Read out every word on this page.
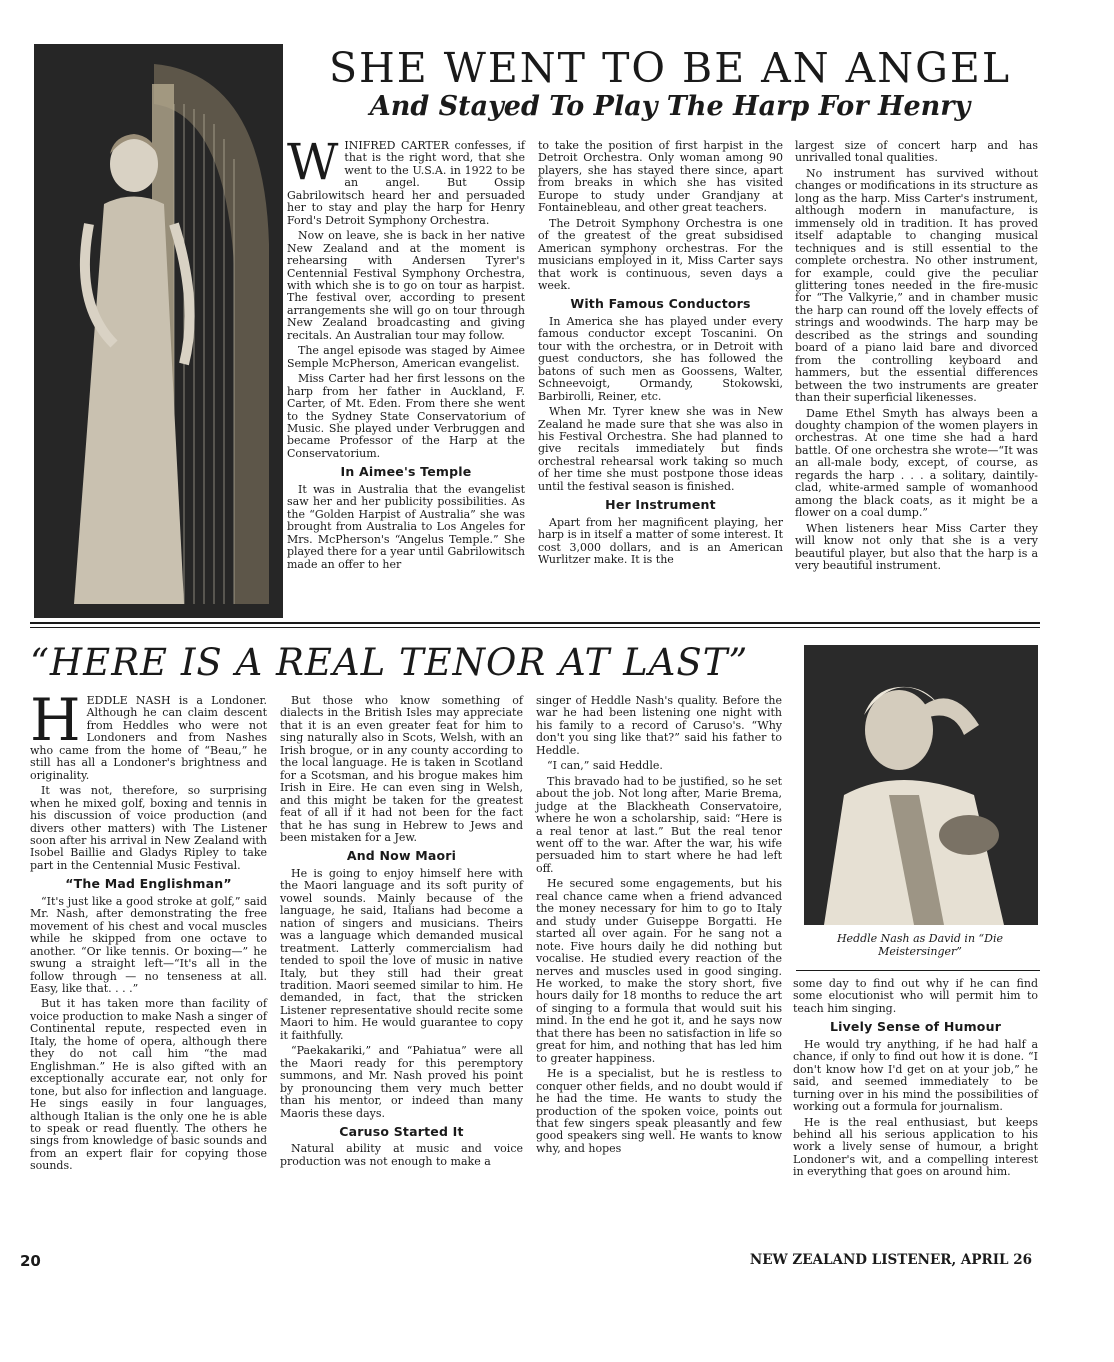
SHE WENT TO BE AN ANGEL
And Stayed To Play The Harp For Henry
W INIFRED CARTER confesses, if that is the right word, that she went to the U.S.A. in 1922 to be an angel. But Ossip Gabrilowitsch heard her and persuaded her to stay and play the harp for Henry Ford's Detroit Symphony Orchestra.

Now on leave, she is back in her native New Zealand and at the moment is rehearsing with Andersen Tyrer's Centennial Festival Symphony Orchestra, with which she is to go on tour as harpist. The festival over, according to present arrangements she will go on tour through New Zealand broadcasting and giving recitals. An Australian tour may follow.

The angel episode was staged by Aimee Semple McPherson, American evangelist.

Miss Carter had her first lessons on the harp from her father in Auckland, F. Carter, of Mt. Eden. From there she went to the Sydney State Conservatorium of Music. She played under Verbruggen and became Professor of the Harp at the Conservatorium.

In Aimee's Temple

It was in Australia that the evangelist saw her and her publicity possibilities. As the “Golden Harpist of Australia” she was brought from Australia to Los Angeles for Mrs. McPherson's “Angelus Temple.” She played there for a year until Gabrilowitsch made an offer to her

to take the position of first harpist in the Detroit Orchestra. Only woman among 90 players, she has stayed there since, apart from breaks in which she has visited Europe to study under Grandjany at Fontainebleau, and other great teachers.

The Detroit Symphony Orchestra is one of the greatest of the great subsidised American symphony orchestras. For the musicians employed in it, Miss Carter says that work is continuous, seven days a week.

With Famous Conductors

In America she has played under every famous conductor except Toscanini. On tour with the orchestra, or in Detroit with guest conductors, she has followed the batons of such men as Goossens, Walter, Schneevoigt, Ormandy, Stokowski, Barbirolli, Reiner, etc.

When Mr. Tyrer knew she was in New Zealand he made sure that she was also in his Festival Orchestra. She had planned to give recitals immediately but finds orchestral rehearsal work taking so much of her time she must postpone those ideas until the festival season is finished.

Her Instrument

Apart from her magnificent playing, her harp is in itself a matter of some interest. It cost 3,000 dollars, and is an American Wurlitzer make. It is the

largest size of concert harp and has unrivalled tonal qualities.

No instrument has survived without changes or modifications in its structure as long as the harp. Miss Carter's instrument, although modern in manufacture, is immensely old in tradition. It has proved itself adaptable to changing musical techniques and is still essential to the complete orchestra. No other instrument, for example, could give the peculiar glittering tones needed in the fire-music for “The Valkyrie,” and in chamber music the harp can round off the lovely effects of strings and woodwinds. The harp may be described as the strings and sounding board of a piano laid bare and divorced from the controlling keyboard and hammers, but the essential differences between the two instruments are greater than their superficial likenesses.

Dame Ethel Smyth has always been a doughty champion of the women players in orchestras. At one time she had a hard battle. Of one orchestra she wrote—“It was an all-male body, except, of course, as regards the harp . . . a solitary, daintily-clad, white-armed sample of womanhood among the black coats, as it might be a flower on a coal dump.”

When listeners hear Miss Carter they will know not only that she is a very beautiful player, but also that the harp is a very beautiful instrument.

“HERE IS A REAL TENOR AT LAST”
Heddle Nash as David in “Die Meistersinger”
H EDDLE NASH is a Londoner. Although he can claim descent from Heddles who were not Londoners and from Nashes who came from the home of “Beau,” he still has all a Londoner's brightness and originality.

It was not, therefore, so surprising when he mixed golf, boxing and tennis in his discussion of voice production (and divers other matters) with The Listener soon after his arrival in New Zealand with Isobel Baillie and Gladys Ripley to take part in the Centennial Music Festival.

“The Mad Englishman”

“It's just like a good stroke at golf,” said Mr. Nash, after demonstrating the free movement of his chest and vocal muscles while he skipped from one octave to another. “Or like tennis. Or boxing—” he swung a straight left—“It's all in the follow through — no tenseness at all. Easy, like that. . . .”

But it has taken more than facility of voice production to make Nash a singer of Continental repute, respected even in Italy, the home of opera, although there they do not call him “the mad Englishman.” He is also gifted with an exceptionally accurate ear, not only for tone, but also for inflection and language. He sings easily in four languages, although Italian is the only one he is able to speak or read fluently. The others he sings from knowledge of basic sounds and from an expert flair for copying those sounds.

But those who know something of dialects in the British Isles may appreciate that it is an even greater feat for him to sing naturally also in Scots, Welsh, with an Irish brogue, or in any county according to the local language. He is taken in Scotland for a Scotsman, and his brogue makes him Irish in Eire. He can even sing in Welsh, and this might be taken for the greatest feat of all if it had not been for the fact that he has sung in Hebrew to Jews and been mistaken for a Jew.

And Now Maori

He is going to enjoy himself here with the Maori language and its soft purity of vowel sounds. Mainly because of the language, he said, Italians had become a nation of singers and musicians. Theirs was a language which demanded musical treatment. Latterly commercialism had tended to spoil the love of music in native Italy, but they still had their great tradition. Maori seemed similar to him. He demanded, in fact, that the stricken Listener representative should recite some Maori to him. He would guarantee to copy it faithfully.

“Paekakariki,” and “Pahiatua” were all the Maori ready for this peremptory summons, and Mr. Nash proved his point by pronouncing them very much better than his mentor, or indeed than many Maoris these days.

Caruso Started It

Natural ability at music and voice production was not enough to make a

singer of Heddle Nash's quality. Before the war he had been listening one night with his family to a record of Caruso's. “Why don't you sing like that?” said his father to Heddle.

“I can,” said Heddle.

This bravado had to be justified, so he set about the job. Not long after, Marie Brema, judge at the Blackheath Conservatoire, where he won a scholarship, said: “Here is a real tenor at last.” But the real tenor went off to the war. After the war, his wife persuaded him to start where he had left off.

He secured some engagements, but his real chance came when a friend advanced the money necessary for him to go to Italy and study under Guiseppe Borgatti. He started all over again. For he sang not a note. Five hours daily he did nothing but vocalise. He studied every reaction of the nerves and muscles used in good singing. He worked, to make the story short, five hours daily for 18 months to reduce the art of singing to a formula that would suit his mind. In the end he got it, and he says now that there has been no satisfaction in life so great for him, and nothing that has led him to greater happiness.

He is a specialist, but he is restless to conquer other fields, and no doubt would if he had the time. He wants to study the production of the spoken voice, points out that few singers speak pleasantly and few good speakers sing well. He wants to know why, and hopes

some day to find out why if he can find some elocutionist who will permit him to teach him singing.

Lively Sense of Humour

He would try anything, if he had half a chance, if only to find out how it is done. “I don't know how I'd get on at your job,” he said, and seemed immediately to be turning over in his mind the possibilities of working out a formula for journalism.

He is the real enthusiast, but keeps behind all his serious application to his work a lively sense of humour, a bright Londoner's wit, and a compelling interest in everything that goes on around him.

20	NEW ZEALAND LISTENER, APRIL 26
